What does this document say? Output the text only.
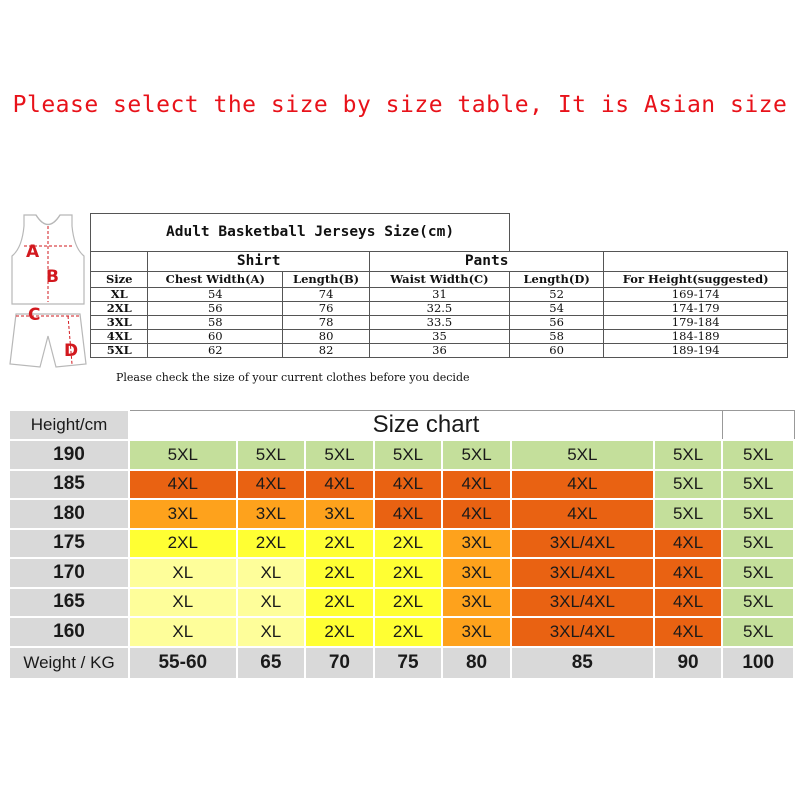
Please select the size by size table, It is Asian size
A
B
C
D
Adult Basketball Jerseys Size(cm)					
	Shirt		Pants		
Size	Chest Width(A)	Length(B)	Waist Width(C)	Length(D)	For Height(suggested)
XL	54	74	31	52	169-174
2XL	56	76	32.5	54	174-179
3XL	58	78	33.5	56	179-184
4XL	60	80	35	58	184-189
5XL	62	82	36	60	189-194
Please check the size of your current clothes before you decide
Height/cm	Size chart							
190	5XL	5XL	5XL	5XL	5XL	5XL	5XL	5XL
185	4XL	4XL	4XL	4XL	4XL	4XL	5XL	5XL
180	3XL	3XL	3XL	4XL	4XL	4XL	5XL	5XL
175	2XL	2XL	2XL	2XL	3XL	3XL/4XL	4XL	5XL
170	XL	XL	2XL	2XL	3XL	3XL/4XL	4XL	5XL
165	XL	XL	2XL	2XL	3XL	3XL/4XL	4XL	5XL
160	XL	XL	2XL	2XL	3XL	3XL/4XL	4XL	5XL
Weight / KG	55-60	65	70	75	80	85	90	100
